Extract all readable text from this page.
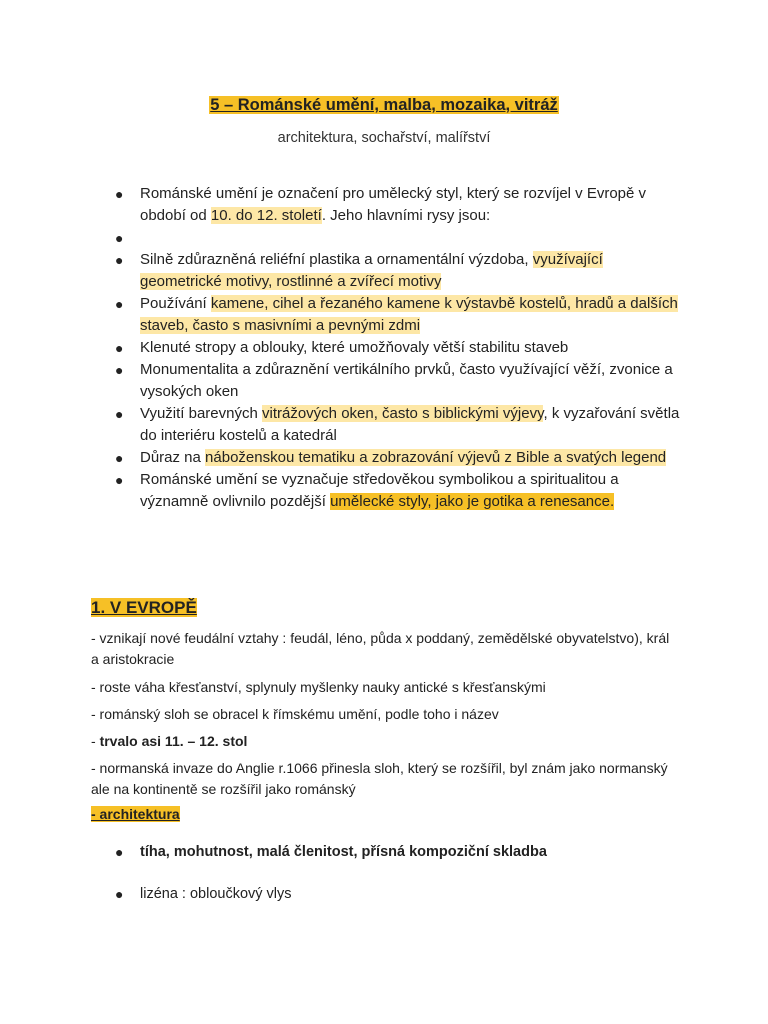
5 – Románské umění, malba, mozaika, vitráž
architektura, sochařství, malířství
● Románské umění je označení pro umělecký styl, který se rozvíjel v Evropě v období od 10. do 12. století. Jeho hlavními rysy jsou:
●
● Silně zdůrazněná reliéfní plastika a ornamentální výzdoba, využívající geometrické motivy, rostlinné a zvířecí motivy
● Používání kamene, cihel a řezaného kamene k výstavbě kostelů, hradů a dalších staveb, často s masivními a pevnými zdmi
● Klenuté stropy a oblouky, které umožňovaly větší stabilitu staveb
● Monumentalita a zdůraznění vertikálního prvků, často využívající věží, zvonice a vysokých oken
● Využití barevných vitrážových oken, často s biblickými výjevy, k vyzařování světla do interiéru kostelů a katedrál
● Důraz na náboženskou tematiku a zobrazování výjevů z Bible a svatých legend
● Románské umění se vyznačuje středověkou symbolikou a spiritualitou a významně ovlivnilo pozdější umělecké styly, jako je gotika a renesance.
1. V EVROPĚ
- vznikají nové feudální vztahy : feudál, léno, půda x poddaný, zemědělské obyvatelstvo), král a aristokracie
- roste váha křesťanství, splynuly myšlenky nauky antické s křesťanskými
- románský sloh se obracel k římskému umění, podle toho i název
- trvalo asi 11. – 12. stol
- normanská invaze do Anglie r.1066 přinesla sloh, který se rozšířil, byl znám jako normanský ale na kontinentě se rozšířil jako románský
- architektura
● tíha, mohutnost, malá členitost, přísná kompoziční skladba
● lizéna : obloučkový vlys
